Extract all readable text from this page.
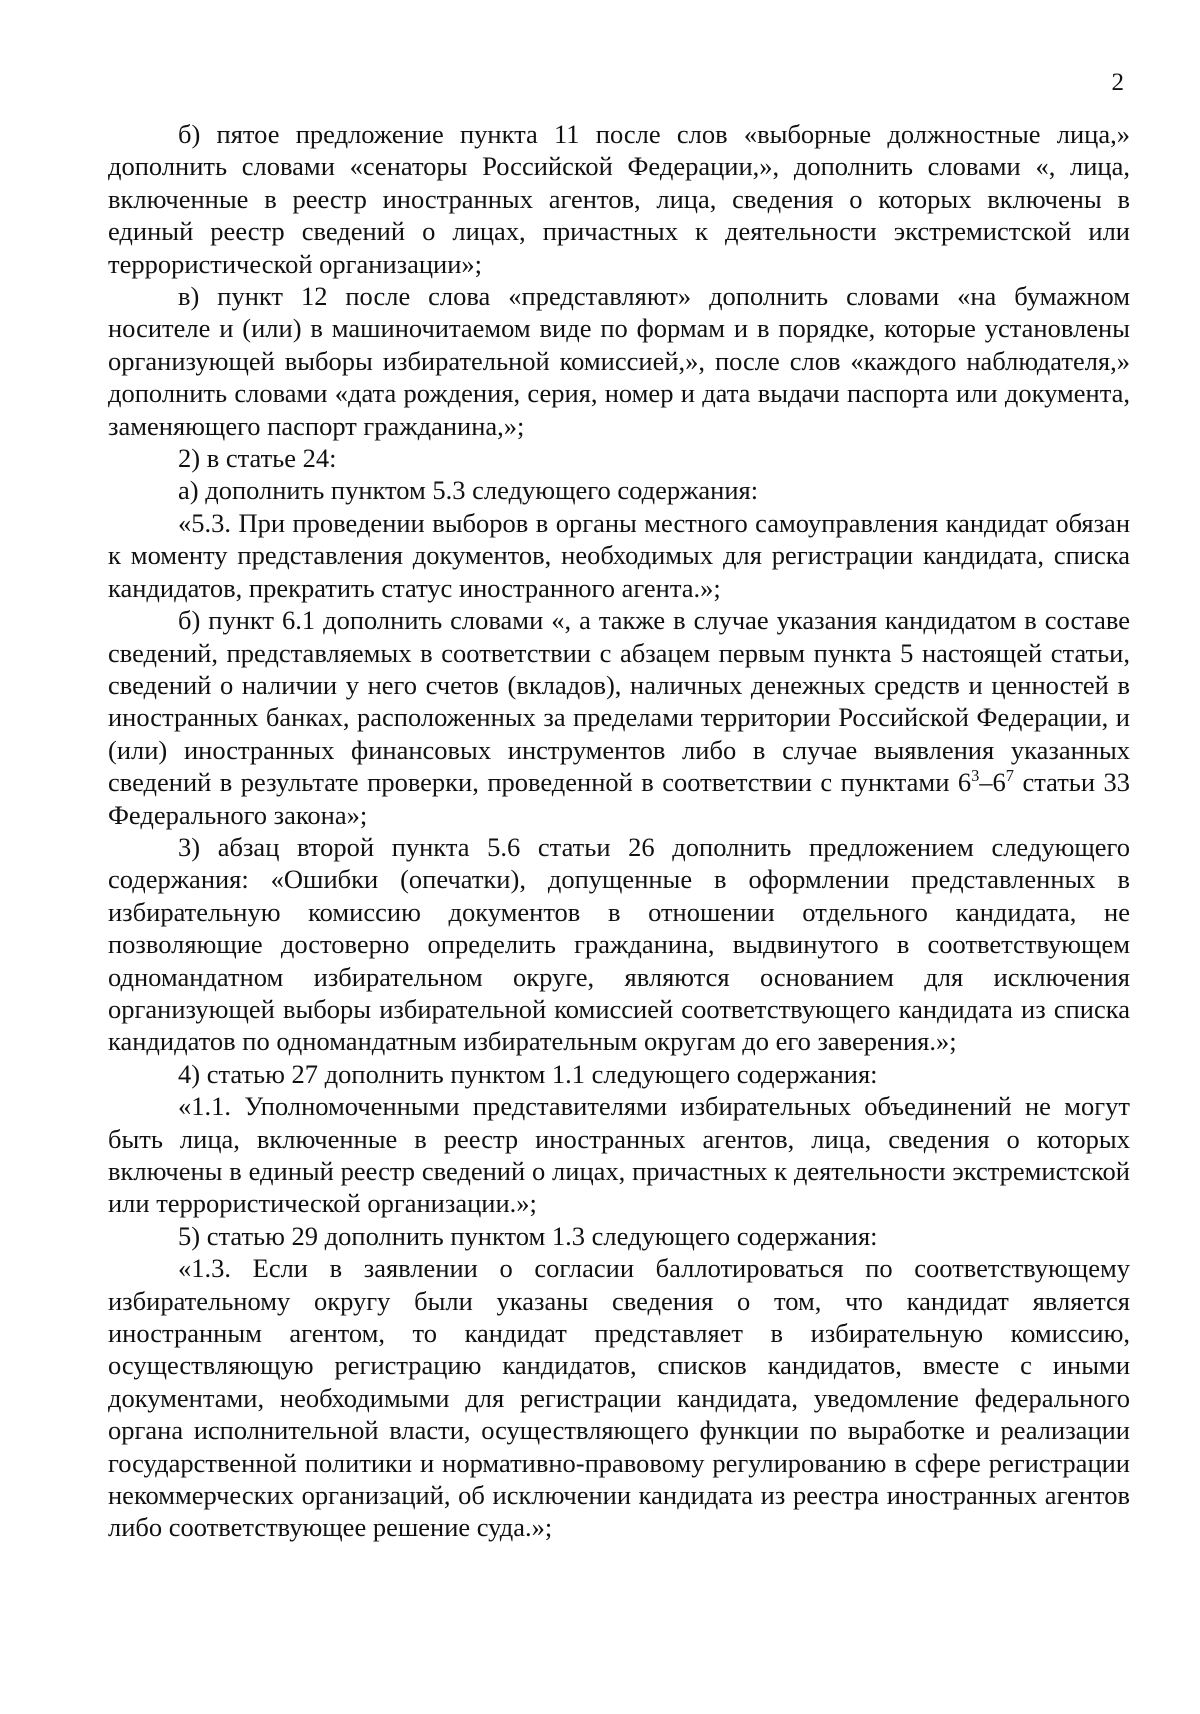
2

б) пятое предложение пункта 11 после слов «выборные должностные лица,» дополнить словами «сенаторы Российской Федерации,», дополнить словами «, лица, включенные в реестр иностранных агентов, лица, сведения о которых включены в единый реестр сведений о лицах, причастных к деятельности экстремистской или террористической организации»;

в) пункт 12 после слова «представляют» дополнить словами «на бумажном носителе и (или) в машиночитаемом виде по формам и в порядке, которые установлены организующей выборы избирательной комиссией,», после слов «каждого наблюдателя,» дополнить словами «дата рождения, серия, номер и дата выдачи паспорта или документа, заменяющего паспорт гражданина,»;

2) в статье 24:

а) дополнить пунктом 5.3 следующего содержания:

«5.3. При проведении выборов в органы местного самоуправления кандидат обязан к моменту представления документов, необходимых для регистрации кандидата, списка кандидатов, прекратить статус иностранного агента.»;

б) пункт 6.1 дополнить словами «, а также в случае указания кандидатом в составе сведений, представляемых в соответствии с абзацем первым пункта 5 настоящей статьи, сведений о наличии у него счетов (вкладов), наличных денежных средств и ценностей в иностранных банках, расположенных за пределами территории Российской Федерации, и (или) иностранных финансовых инструментов либо в случае выявления указанных сведений в результате проверки, проведенной в соответствии с пунктами $6^3-6^7$ статьи 33 Федерального закона»;

3) абзац второй пункта 5.6 статьи 26 дополнить предложением следующего содержания: «Ошибки (опечатки), допущенные в оформлении представленных в избирательную комиссию документов в отношении отдельного кандидата, не позволяющие достоверно определить гражданина, выдвинутого в соответствующем одномандатном избирательном округе, являются основанием для исключения организующей выборы избирательной комиссией соответствующего кандидата из списка кандидатов по одномандатным избирательным округам до его заверения.»;

4) статью 27 дополнить пунктом 1.1 следующего содержания:

«1.1. Уполномоченными представителями избирательных объединений не могут быть лица, включенные в реестр иностранных агентов, лица, сведения о которых включены в единый реестр сведений о лицах, причастных к деятельности экстремистской или террористической организации.»;

5) статью 29 дополнить пунктом 1.3 следующего содержания:

«1.3. Если в заявлении о согласии баллотироваться по соответствующему избирательному округу были указаны сведения о том, что кандидат является иностранным агентом, то кандидат представляет в избирательную комиссию, осуществляющую регистрацию кандидатов, списков кандидатов, вместе с иными документами, необходимыми для регистрации кандидата, уведомление федерального органа исполнительной власти, осуществляющего функции по выработке и реализации государственной политики и нормативно-правовому регулированию в сфере регистрации некоммерческих организаций, об исключении кандидата из реестра иностранных агентов либо соответствующее решение суда.»;
